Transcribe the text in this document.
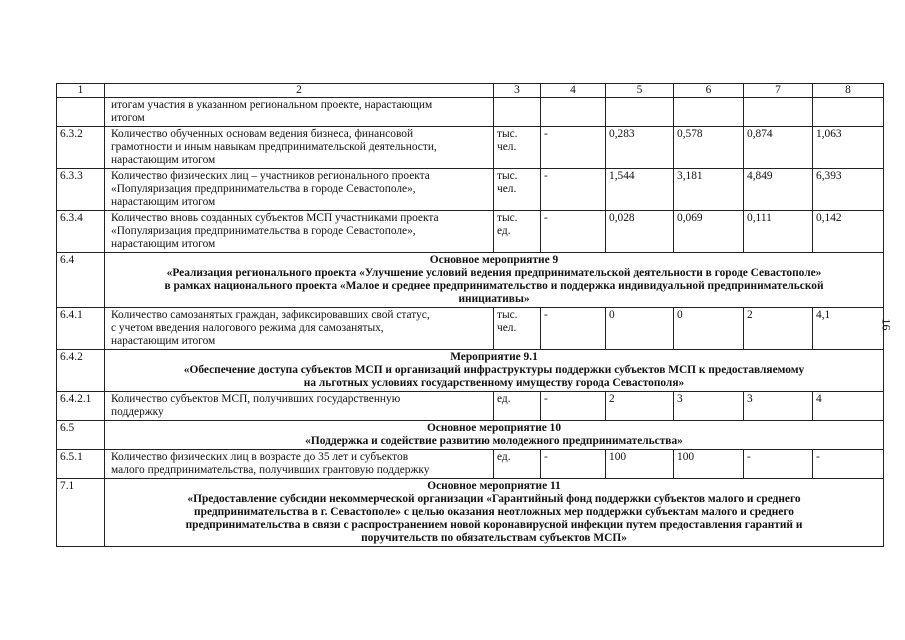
1	2	3	4	5	6	7	8

	итогам участия в указанном региональном проекте, нарастающим
итогом						

6.3.2	Количество обученных основам ведения бизнеса, финансовой
грамотности и иным навыкам предпринимательской деятельности,
нарастающим итогом	тыс.
чел.	-	0,283	0,578	0,874	1,063
6.3.3	Количество физических лиц – участников регионального проекта
«Популяризация предпринимательства в городе Севастополе»,
нарастающим итогом	тыс.
чел.	-	1,544	3,181	4,849	6,393
6.3.4	Количество вновь созданных субъектов МСП участниками проекта
«Популяризация предпринимательства в городе Севастополе»,
нарастающим итогом	тыс.
ед.	-	0,028	0,069	0,111	0,142
6.4	Основное мероприятие 9
«Реализация регионального проекта «Улучшение условий ведения предпринимательской деятельности в городе Севастополе»
в рамках национального проекта «Малое и среднее предпринимательство и поддержка индивидуальной предпринимательской
инициативы»						

6.4.1	Количество самозанятых граждан, зафиксировавших свой статус,
с учетом введения налогового режима для самозанятых,
нарастающим итогом	тыс.
чел.	-	0	0	2	4,1
6.4.2	Мероприятие 9.1
«Обеспечение доступа субъектов МСП и организаций инфраструктуры поддержки субъектов МСП к предоставляемому
на льготных условиях государственному имуществу города Севастополя»						

6.4.2.1	Количество субъектов МСП, получивших государственную
поддержку	ед.	-	2	3	3	4
6.5	Основное мероприятие 10
«Поддержка и содействие развитию молодежного предпринимательства»						

6.5.1	Количество физических лиц в возрасте до 35 лет и субъектов
малого предпринимательства, получивших грантовую поддержку	ед.	-	100	100	-	-
7.1	Основное мероприятие 11
«Предоставление субсидии некоммерческой организации «Гарантийный фонд поддержки субъектов малого и среднего
предпринимательства в г. Севастополе» с целью оказания неотложных мер поддержки субъектам малого и среднего
предпринимательства в связи с распространением новой коронавирусной инфекции путем предоставления гарантий и
поручительств по обязательствам субъектов МСП»						
16
